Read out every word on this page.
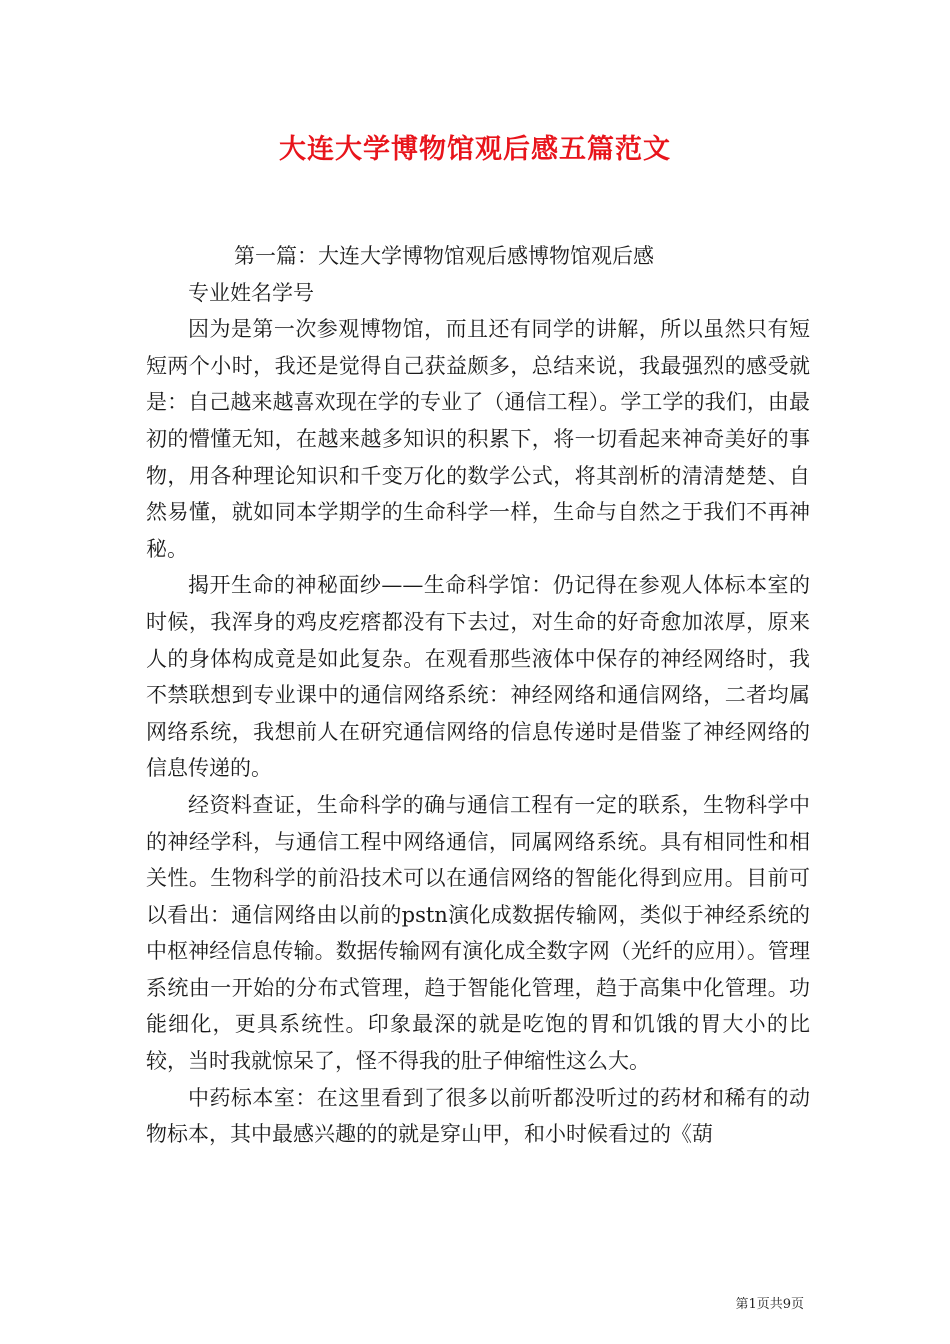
大连大学博物馆观后感五篇范文

第一篇：大连大学博物馆观后感博物馆观后感

专业姓名学号

因为是第一次参观博物馆，而且还有同学的讲解，所以虽然只有短短两个小时，我还是觉得自己获益颇多，总结来说，我最强烈的感受就是：自己越来越喜欢现在学的专业了（通信工程）。学工学的我们，由最初的懵懂无知，在越来越多知识的积累下，将一切看起来神奇美好的事物，用各种理论知识和千变万化的数学公式，将其剖析的清清楚楚、自然易懂，就如同本学期学的生命科学一样，生命与自然之于我们不再神秘。

揭开生命的神秘面纱——生命科学馆：仍记得在参观人体标本室的时候，我浑身的鸡皮疙瘩都没有下去过，对生命的好奇愈加浓厚，原来人的身体构成竟是如此复杂。在观看那些液体中保存的神经网络时，我不禁联想到专业课中的通信网络系统：神经网络和通信网络，二者均属网络系统，我想前人在研究通信网络的信息传递时是借鉴了神经网络的信息传递的。

经资料查证，生命科学的确与通信工程有一定的联系，生物科学中的神经学科，与通信工程中网络通信，同属网络系统。具有相同性和相关性。生物科学的前沿技术可以在通信网络的智能化得到应用。目前可以看出：通信网络由以前的pstn演化成数据传输网，类似于神经系统的中枢神经信息传输。数据传输网有演化成全数字网（光纤的应用）。管理系统由一开始的分布式管理，趋于智能化管理，趋于高集中化管理。功能细化，更具系统性。印象最深的就是吃饱的胃和饥饿的胃大小的比较，当时我就惊呆了，怪不得我的肚子伸缩性这么大。

中药标本室：在这里看到了很多以前听都没听过的药材和稀有的动物标本，其中最感兴趣的的就是穿山甲，和小时候看过的《葫

第1页共9页
